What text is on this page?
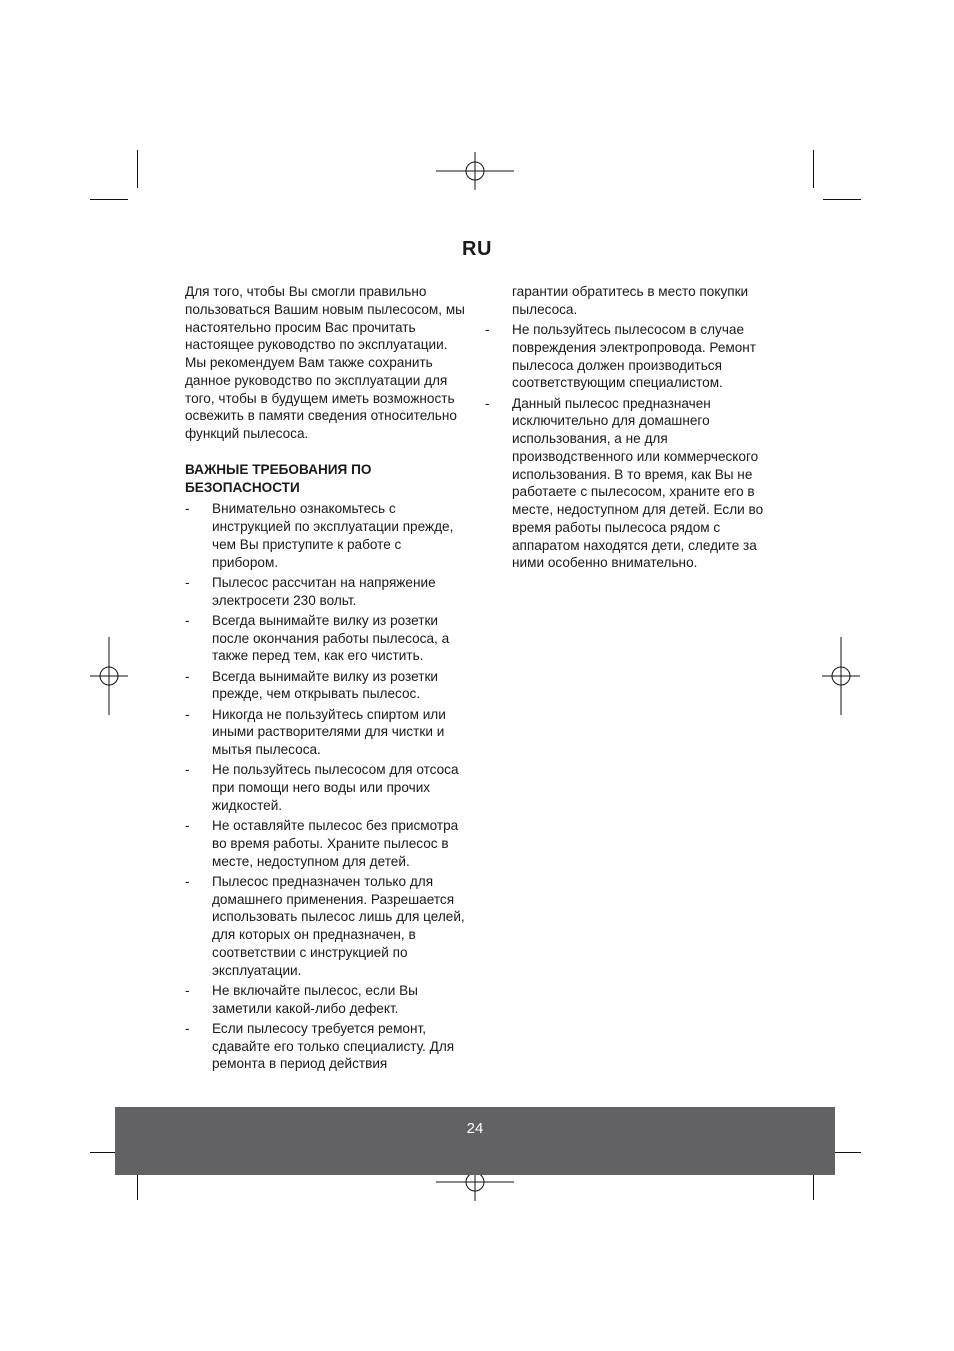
RU

Для того, чтобы Вы смогли правильно пользоваться Вашим новым пылесосом, мы настоятельно просим Вас прочитать настоящее руководство по эксплуатации. Мы рекомендуем Вам также сохранить данное руководство по эксплуатации для того, чтобы в будущем иметь возможность освежить в памяти сведения относительно функций пылесоса.

ВАЖНЫЕ ТРЕБОВАНИЯ ПО
БЕЗОПАСНОСТИ

-	Внимательно ознакомьтесь с инструкцией по эксплуатации прежде, чем Вы приступите к работе с прибором.
-	Пылесос рассчитан на напряжение электросети 230 вольт.
-	Всегда вынимайте вилку из розетки после окончания работы пылесоса, а также перед тем, как его чистить.
-	Всегда вынимайте вилку из розетки прежде, чем открывать пылесос.
-	Никогда не пользуйтесь спиртом или иными растворителями для чистки и мытья пылесоса.
-	Не пользуйтесь пылесосом для отсоса при помощи него воды или прочих жидкостей.
-	Не оставляйте пылесос без присмотра во время работы. Храните пылесос в месте, недоступном для детей.
-	Пылесос предназначен только для домашнего применения. Разрешается использовать пылесос лишь для целей, для которых он предназначен, в соответствии с инструкцией по эксплуатации.
-	Не включайте пылесос, если Вы заметили какой-либо дефект.
-	Если пылесосу требуется ремонт, сдавайте его только специалисту. Для ремонта в период действия

гарантии обратитесь в место покупки пылесоса.

-	Не пользуйтесь пылесосом в случае повреждения электропровода. Ремонт пылесоса должен производиться соответствующим специалистом.
-	Данный пылесос предназначен исключительно для домашнего использования, а не для производственного или коммерческого использования. В то время, как Вы не работаете с пылесосом, храните его в месте, недоступном для детей. Если во время работы пылесоса рядом с аппаратом находятся дети, следите за ними особенно внимательно.
24
